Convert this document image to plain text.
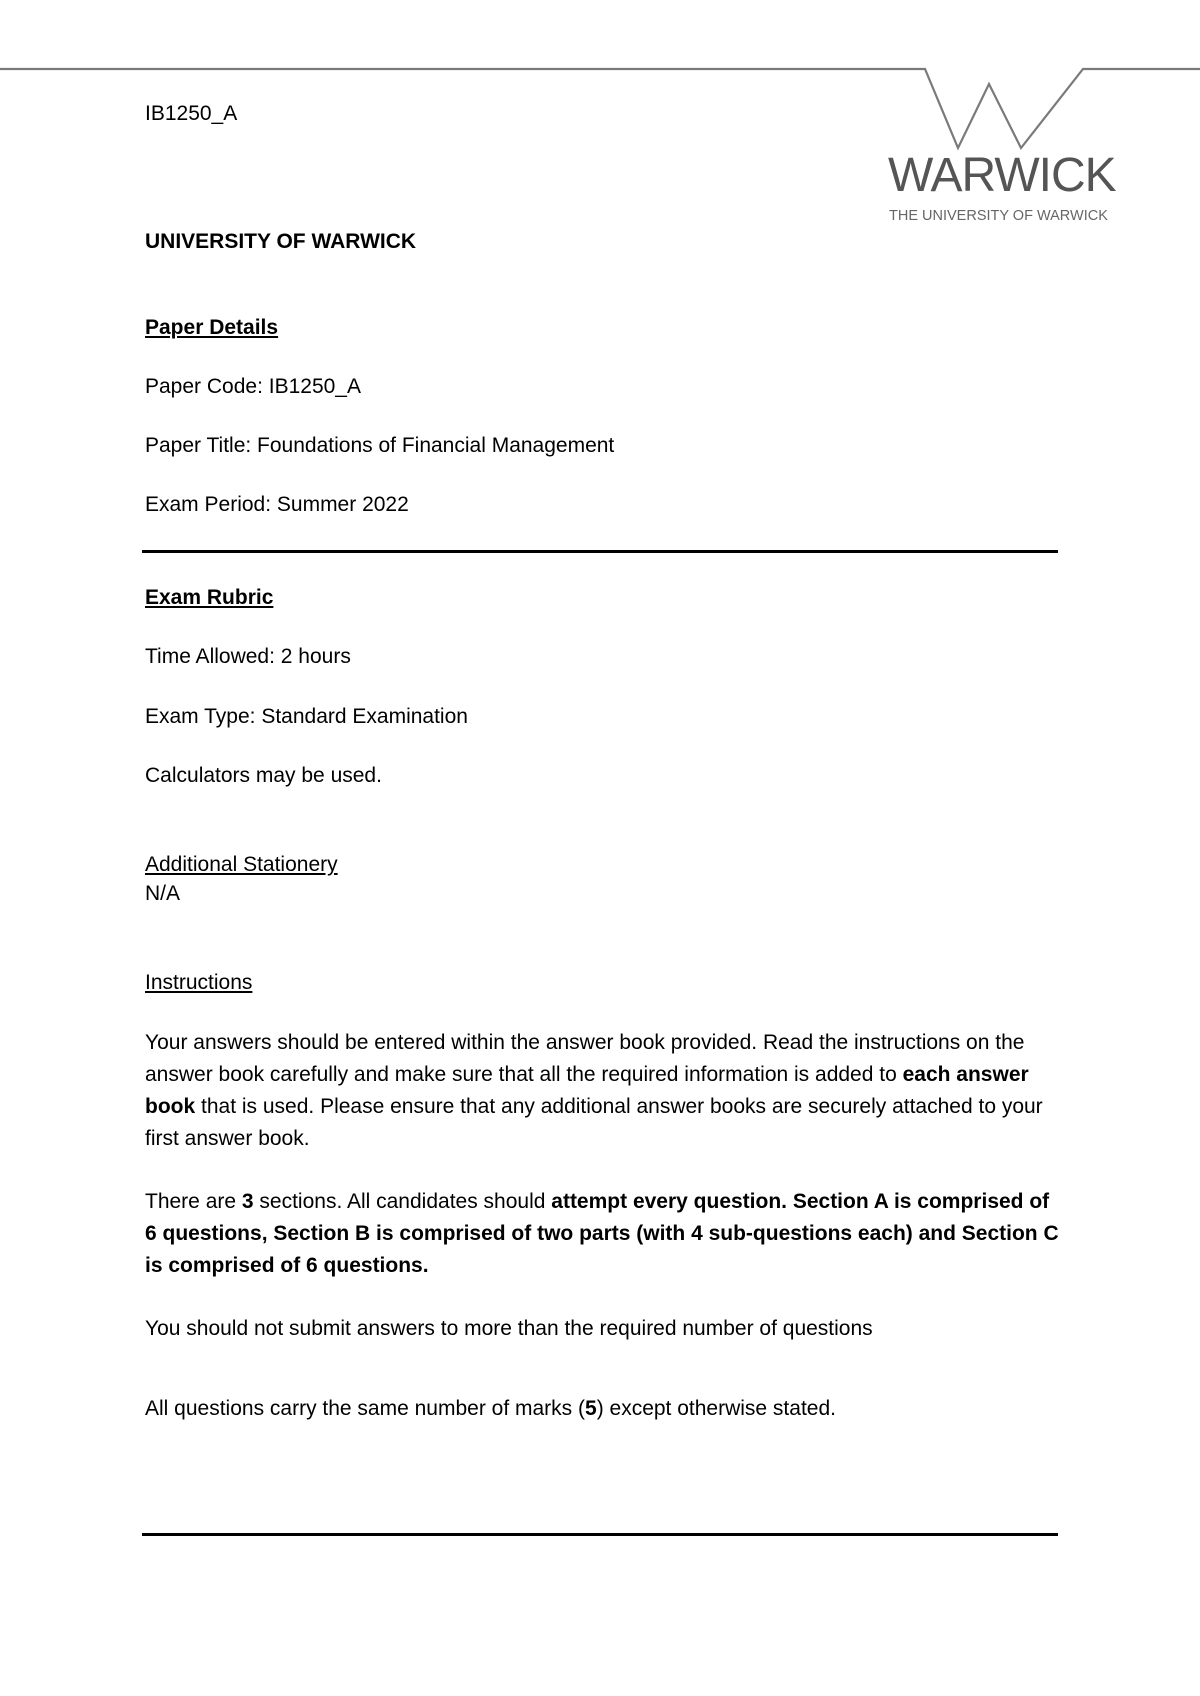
WARWICK
THE UNIVERSITY OF WARWICK
IB1250_A
UNIVERSITY OF WARWICK
Paper Details
Paper Code: IB1250_A
Paper Title: Foundations of Financial Management
Exam Period: Summer 2022
Exam Rubric
Time Allowed: 2 hours
Exam Type: Standard Examination
Calculators may be used.
Additional Stationery
N/A
Instructions
Your answers should be entered within the answer book provided. Read the instructions on the answer book carefully and make sure that all the required information is added to each answer book that is used. Please ensure that any additional answer books are securely attached to your first answer book.
There are 3 sections. All candidates should attempt every question. Section A is comprised of 6 questions, Section B is comprised of two parts (with 4 sub-questions each) and Section C is comprised of 6 questions.
You should not submit answers to more than the required number of questions
All questions carry the same number of marks (5) except otherwise stated.
